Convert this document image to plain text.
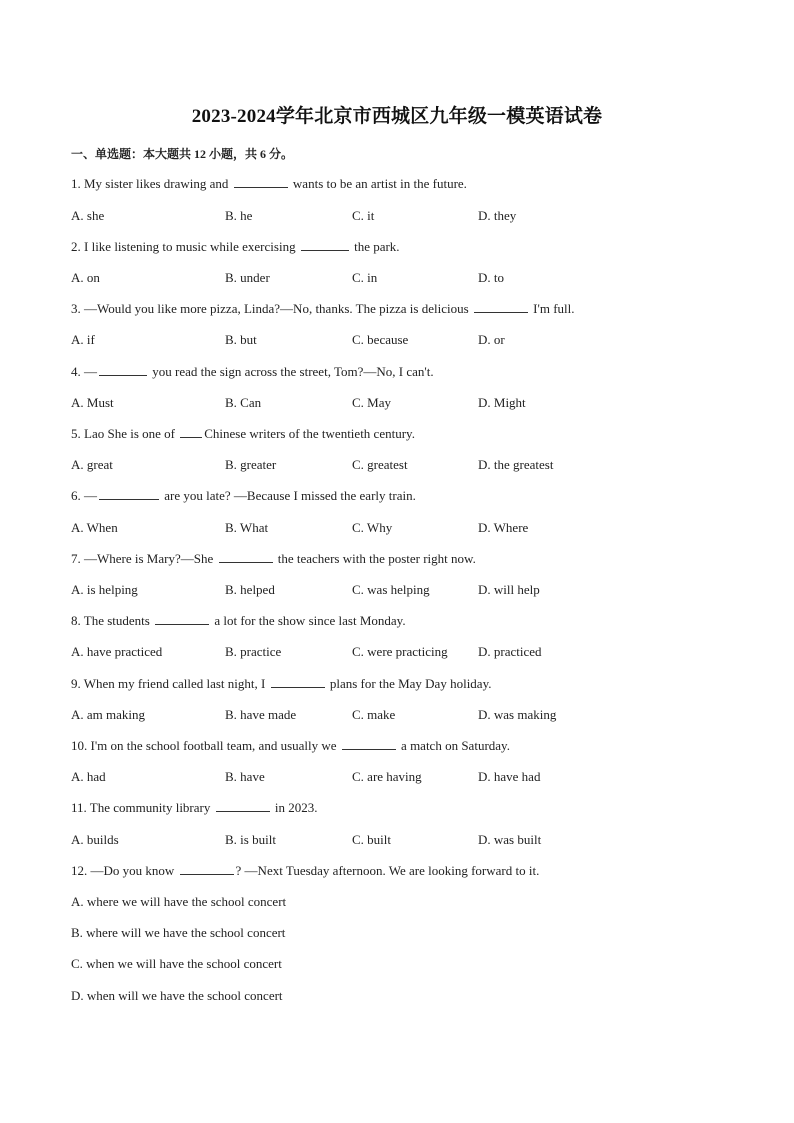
2023-2024学年北京市西城区九年级一模英语试卷
一、单选题：本大题共 12 小题，共 6 分。
1. My sister likes drawing and	wants to be an artist in the future.
A. she	B. he	C. it	D. they
2. I like listening to music while exercising	the park.
A. on	B. under	C. in	D. to
3. —Would you like more pizza, Linda?—No, thanks. The pizza is delicious	I'm full.
A. if	B. but	C. because	D. or
4. —	you read the sign across the street, Tom?—No, I can't.
A. Must	B. Can	C. May	D. Might
5. Lao She is one of Chinese writers of the twentieth century.
A. great	B. greater	C. greatest	D. the greatest
6. —	are you late? —Because I missed the early train.
A. When	B. What	C. Why	D. Where
7. —Where is Mary?—She	the teachers with the poster right now.
A. is helping	B. helped	C. was helping	D. will help
8. The students	a lot for the show since last Monday.
A. have practiced	B. practice	C. were practicing D. practiced
9. When my friend called last night, I	plans for the May Day holiday.
A. am making	B. have made	C. make	D. was making
10. I'm on the school football team, and usually we	a match on Saturday.
A. had	B. have	C. are having	D. have had
11. The community library	in 2023.
A. builds	B. is built	C. built	D. was built
12. —Do you know	? —Next Tuesday afternoon. We are looking forward to it.
A. where we will have the school concert
B. where will we have the school concert
C. when we will have the school concert
D. when will we have the school concert
